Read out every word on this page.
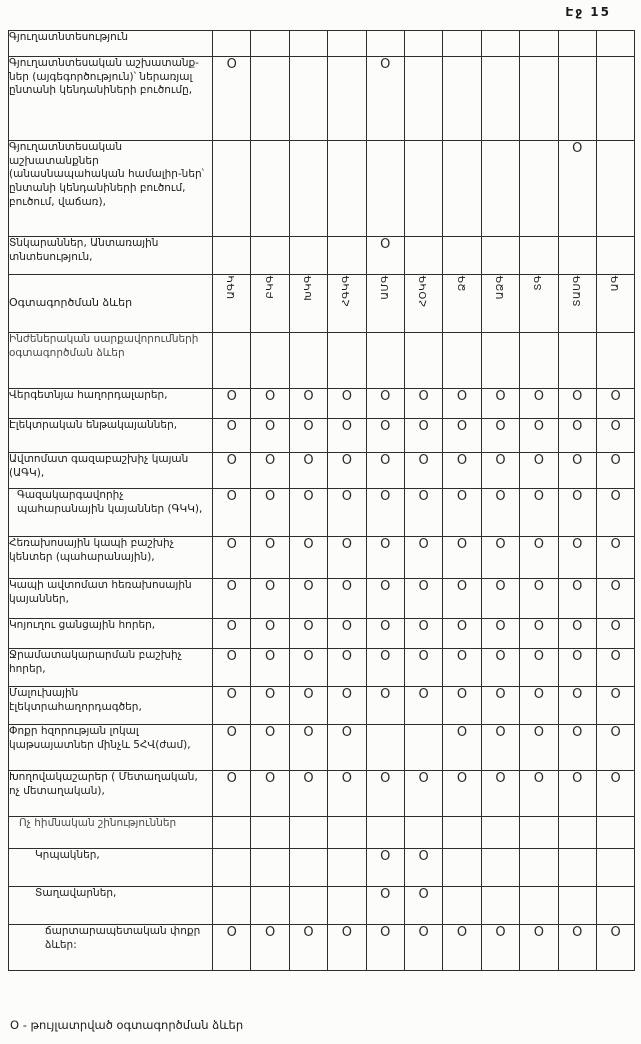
Էջ 15
Գյուղատնտեսություն											
Գյուղատնտեսական աշխատանք-ներ (այգեգործություն)՝ ներառյալ ընտանի կենդանիների բուծումը,	O				O						
Գյուղատնտեսական աշխատանքներ (անասնապահական համալիր-ներ՝ ընտանի կենդանիների բուծում, բուծում, վաճառ),										O	
Տնկարաններ, Անտառային տնտեսություն,					O						
Օգտագործման ձևեր	ԱԳԿ	ԲԿԳ	ԽԿԳ	ՀԳԿԳ	ԱՄԳ	ՀՕԿԳ	ՁԳ	ԱՁԳ	ՏԳ	ՏԱՍԳ	ԱԳ
Ինժեներական սարքավորումների օգտագործման ձևեր											
Վերգետնյա հաղորդալարեր,	O	O	O	O	O	O	O	O	O	O	O
Էլեկտրական ենթակայաններ,	O	O	O	O	O	O	O	O	O	O	O
Ավտոմատ գազաբաշխիչ կայան (ԱԳԿ),	O	O	O	O	O	O	O	O	O	O	O
Գազակարգավորիչ պահարանային կայաններ (ԳԿԿ),	O	O	O	O	O	O	O	O	O	O	O
Հեռախոսային կապի բաշխիչ կենտեր (պահարանային),	O	O	O	O	O	O	O	O	O	O	O
Կապի ավտոմատ հեռախոսային կայաններ,	O	O	O	O	O	O	O	O	O	O	O
Կոյուղու ցանցային հորեր,	O	O	O	O	O	O	O	O	O	O	O
Ջրամատակարարման բաշխիչ հորեր,	O	O	O	O	O	O	O	O	O	O	O
Մալուխային էլեկտրահաղորդագծեր,	O	O	O	O	O	O	O	O	O	O	O
Փոքր հզորության լոկալ կաթսայատներ մինչև 5ՀՎ(ժամ),	O	O	O	O			O	O	O	O	O
Խողովակաշարեր ( Մետաղական, ոչ մետաղական),	O	O	O	O	O	O	O	O	O	O	O
Ոչ հիմնական շինություններ											
Կրպակներ,					O	O					
Տաղավարներ,					O	O					
ճարտարապետական փոքր ձևեր:	O	O	O	O	O	O	O	O	O	O	O
O - թույլատրված օգտագործման ձևեր
